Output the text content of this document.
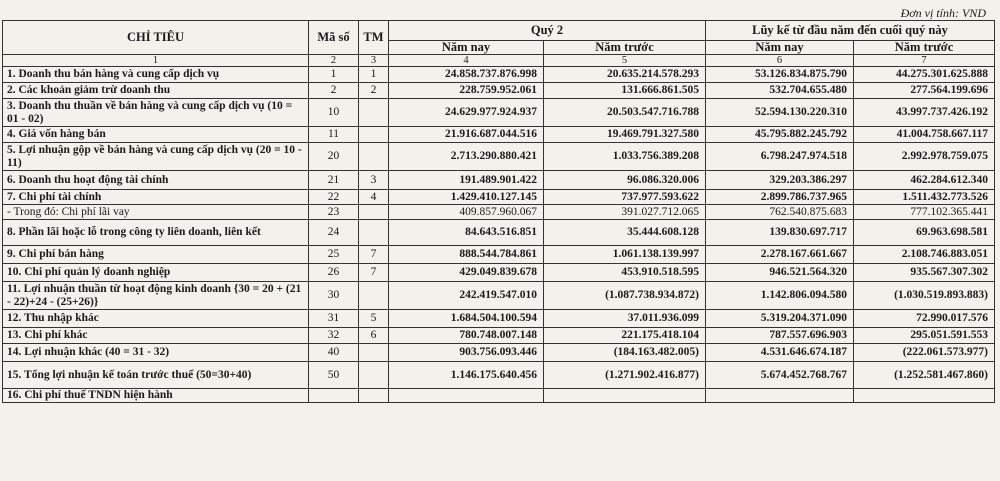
Đơn vị tính: VND
CHỈ TIÊU	Mã số	TM	Quý 2		Lũy kế từ đầu năm đến cuối quý này	
			Năm nay	Năm trước	Năm nay	Năm trước
1	2	3	4	5	6	7
1. Doanh thu bán hàng và cung cấp dịch vụ	1	1	24.858.737.876.998	20.635.214.578.293	53.126.834.875.790	44.275.301.625.888
2. Các khoản giảm trừ doanh thu	2	2	228.759.952.061	131.666.861.505	532.704.655.480	277.564.199.696
3. Doanh thu thuần về bán hàng và cung cấp dịch vụ (10 = 01 - 02)	10		24.629.977.924.937	20.503.547.716.788	52.594.130.220.310	43.997.737.426.192
4. Giá vốn hàng bán	11		21.916.687.044.516	19.469.791.327.580	45.795.882.245.792	41.004.758.667.117
5. Lợi nhuận gộp về bán hàng và cung cấp dịch vụ (20 = 10 - 11)	20		2.713.290.880.421	1.033.756.389.208	6.798.247.974.518	2.992.978.759.075
6. Doanh thu hoạt động tài chính	21	3	191.489.901.422	96.086.320.006	329.203.386.297	462.284.612.340
7. Chi phí tài chính	22	4	1.429.410.127.145	737.977.593.622	2.899.786.737.965	1.511.432.773.526
- Trong đó: Chi phí lãi vay	23		409.857.960.067	391.027.712.065	762.540.875.683	777.102.365.441
8. Phần lãi hoặc lỗ trong công ty liên doanh, liên kết	24		84.643.516.851	35.444.608.128	139.830.697.717	69.963.698.581
9. Chi phí bán hàng	25	7	888.544.784.861	1.061.138.139.997	2.278.167.661.667	2.108.746.883.051
10. Chi phí quản lý doanh nghiệp	26	7	429.049.839.678	453.910.518.595	946.521.564.320	935.567.307.302
11. Lợi nhuận thuần từ hoạt động kinh doanh {30 = 20 + (21 - 22)+24 - (25+26)}	30		242.419.547.010	(1.087.738.934.872)	1.142.806.094.580	(1.030.519.893.883)
12. Thu nhập khác	31	5	1.684.504.100.594	37.011.936.099	5.319.204.371.090	72.990.017.576
13. Chi phí khác	32	6	780.748.007.148	221.175.418.104	787.557.696.903	295.051.591.553
14. Lợi nhuận khác (40 = 31 - 32)	40		903.756.093.446	(184.163.482.005)	4.531.646.674.187	(222.061.573.977)
15. Tổng lợi nhuận kế toán trước thuế (50=30+40)	50		1.146.175.640.456	(1.271.902.416.877)	5.674.452.768.767	(1.252.581.467.860)
16. Chi phí thuế TNDN hiện hành						
